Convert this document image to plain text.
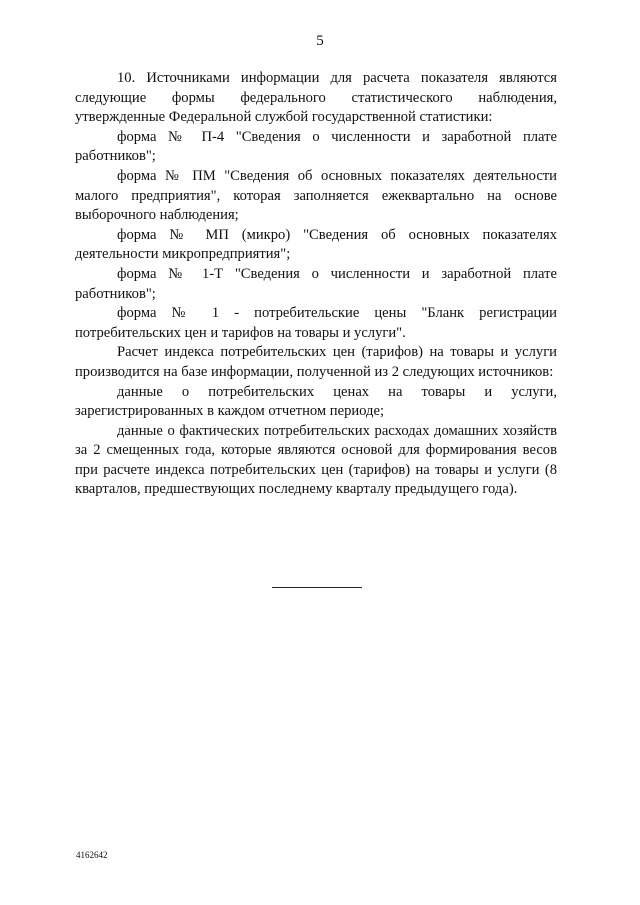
5

10. Источниками информации для расчета показателя являются следующие формы федерального статистического наблюдения, утвержденные Федеральной службой государственной статистики:

форма № П-4 "Сведения о численности и заработной плате работников";

форма № ПМ "Сведения об основных показателях деятельности малого предприятия", которая заполняется ежеквартально на основе выборочного наблюдения;

форма № МП (микро) "Сведения об основных показателях деятельности микропредприятия";

форма № 1-Т "Сведения о численности и заработной плате работников";

форма № 1 - потребительские цены "Бланк регистрации потребительских цен и тарифов на товары и услуги".

Расчет индекса потребительских цен (тарифов) на товары и услуги производится на базе информации, полученной из 2 следующих источников:

данные о потребительских ценах на товары и услуги, зарегистрированных в каждом отчетном периоде;

данные о фактических потребительских расходах домашних хозяйств за 2 смещенных года, которые являются основой для формирования весов при расчете индекса потребительских цен (тарифов) на товары и услуги (8 кварталов, предшествующих последнему кварталу предыдущего года).

4162642
